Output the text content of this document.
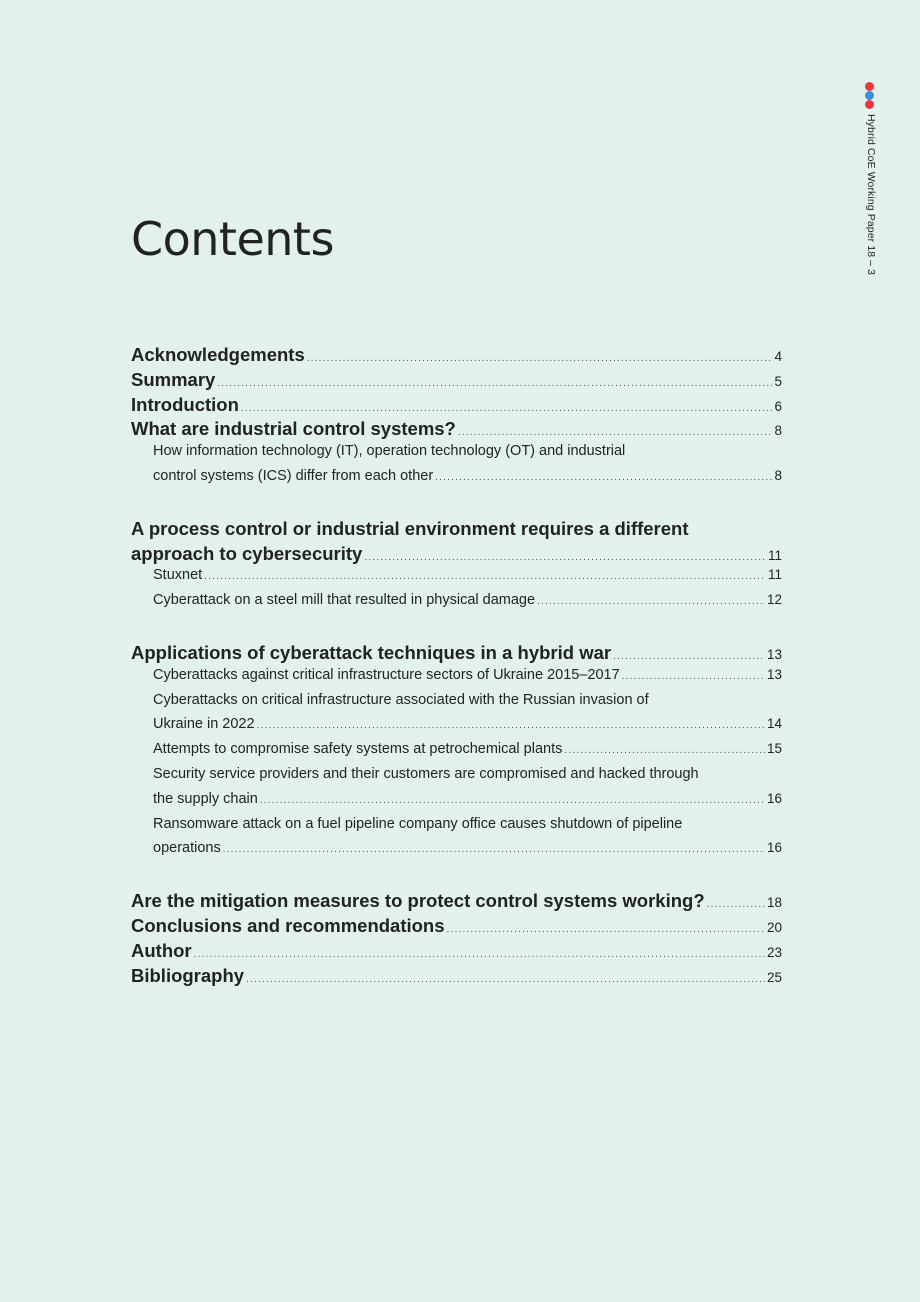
Hybrid CoE Working Paper 18 – 3
Contents
Acknowledgements .....	4
Summary .....	5
Introduction .....	6
What are industrial control systems? .....	8
How information technology (IT), operation technology (OT) and industrial
control systems (ICS) differ from each other .....	8
A process control or industrial environment requires a different
approach to cybersecurity .....	11
Stuxnet .....	11
Cyberattack on a steel mill that resulted in physical damage .....	12
Applications of cyberattack techniques in a hybrid war .....	13
Cyberattacks against critical infrastructure sectors of Ukraine 2015–2017 .....	13
Cyberattacks on critical infrastructure associated with the Russian invasion of
Ukraine in 2022 .....	14
Attempts to compromise safety systems at petrochemical plants .....	15
Security service providers and their customers are compromised and hacked through
the supply chain .....	16
Ransomware attack on a fuel pipeline company office causes shutdown of pipeline
operations .....	16
Are the mitigation measures to protect control systems working? .....	18
Conclusions and recommendations .....	20
Author .....	23
Bibliography .....	25
